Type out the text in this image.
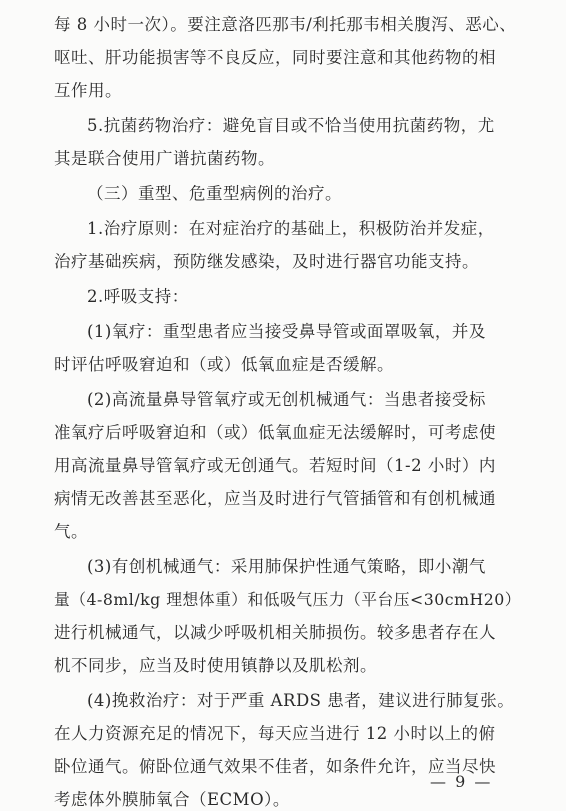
每 8 小时一次）。要注意洛匹那韦/利托那韦相关腹泻、恶心、

呕吐、肝功能损害等不良反应，同时要注意和其他药物的相

互作用。

5.抗菌药物治疗：避免盲目或不恰当使用抗菌药物，尤

其是联合使用广谱抗菌药物。

（三）重型、危重型病例的治疗。

1.治疗原则：在对症治疗的基础上，积极防治并发症，

治疗基础疾病，预防继发感染，及时进行器官功能支持。

2.呼吸支持：

(1)氧疗：重型患者应当接受鼻导管或面罩吸氧，并及

时评估呼吸窘迫和（或）低氧血症是否缓解。

(2)高流量鼻导管氧疗或无创机械通气：当患者接受标

准氧疗后呼吸窘迫和（或）低氧血症无法缓解时，可考虑使

用高流量鼻导管氧疗或无创通气。若短时间（1-2 小时）内

病情无改善甚至恶化，应当及时进行气管插管和有创机械通

气。

(3)有创机械通气：采用肺保护性通气策略，即小潮气

量（4-8ml/kg 理想体重）和低吸气压力（平台压<30cmH20）

进行机械通气，以减少呼吸机相关肺损伤。较多患者存在人

机不同步，应当及时使用镇静以及肌松剂。

(4)挽救治疗：对于严重 ARDS 患者，建议进行肺复张。

在人力资源充足的情况下，每天应当进行 12 小时以上的俯

卧位通气。俯卧位通气效果不佳者，如条件允许，应当尽快

考虑体外膜肺氧合（ECMO）。

— 9 —
